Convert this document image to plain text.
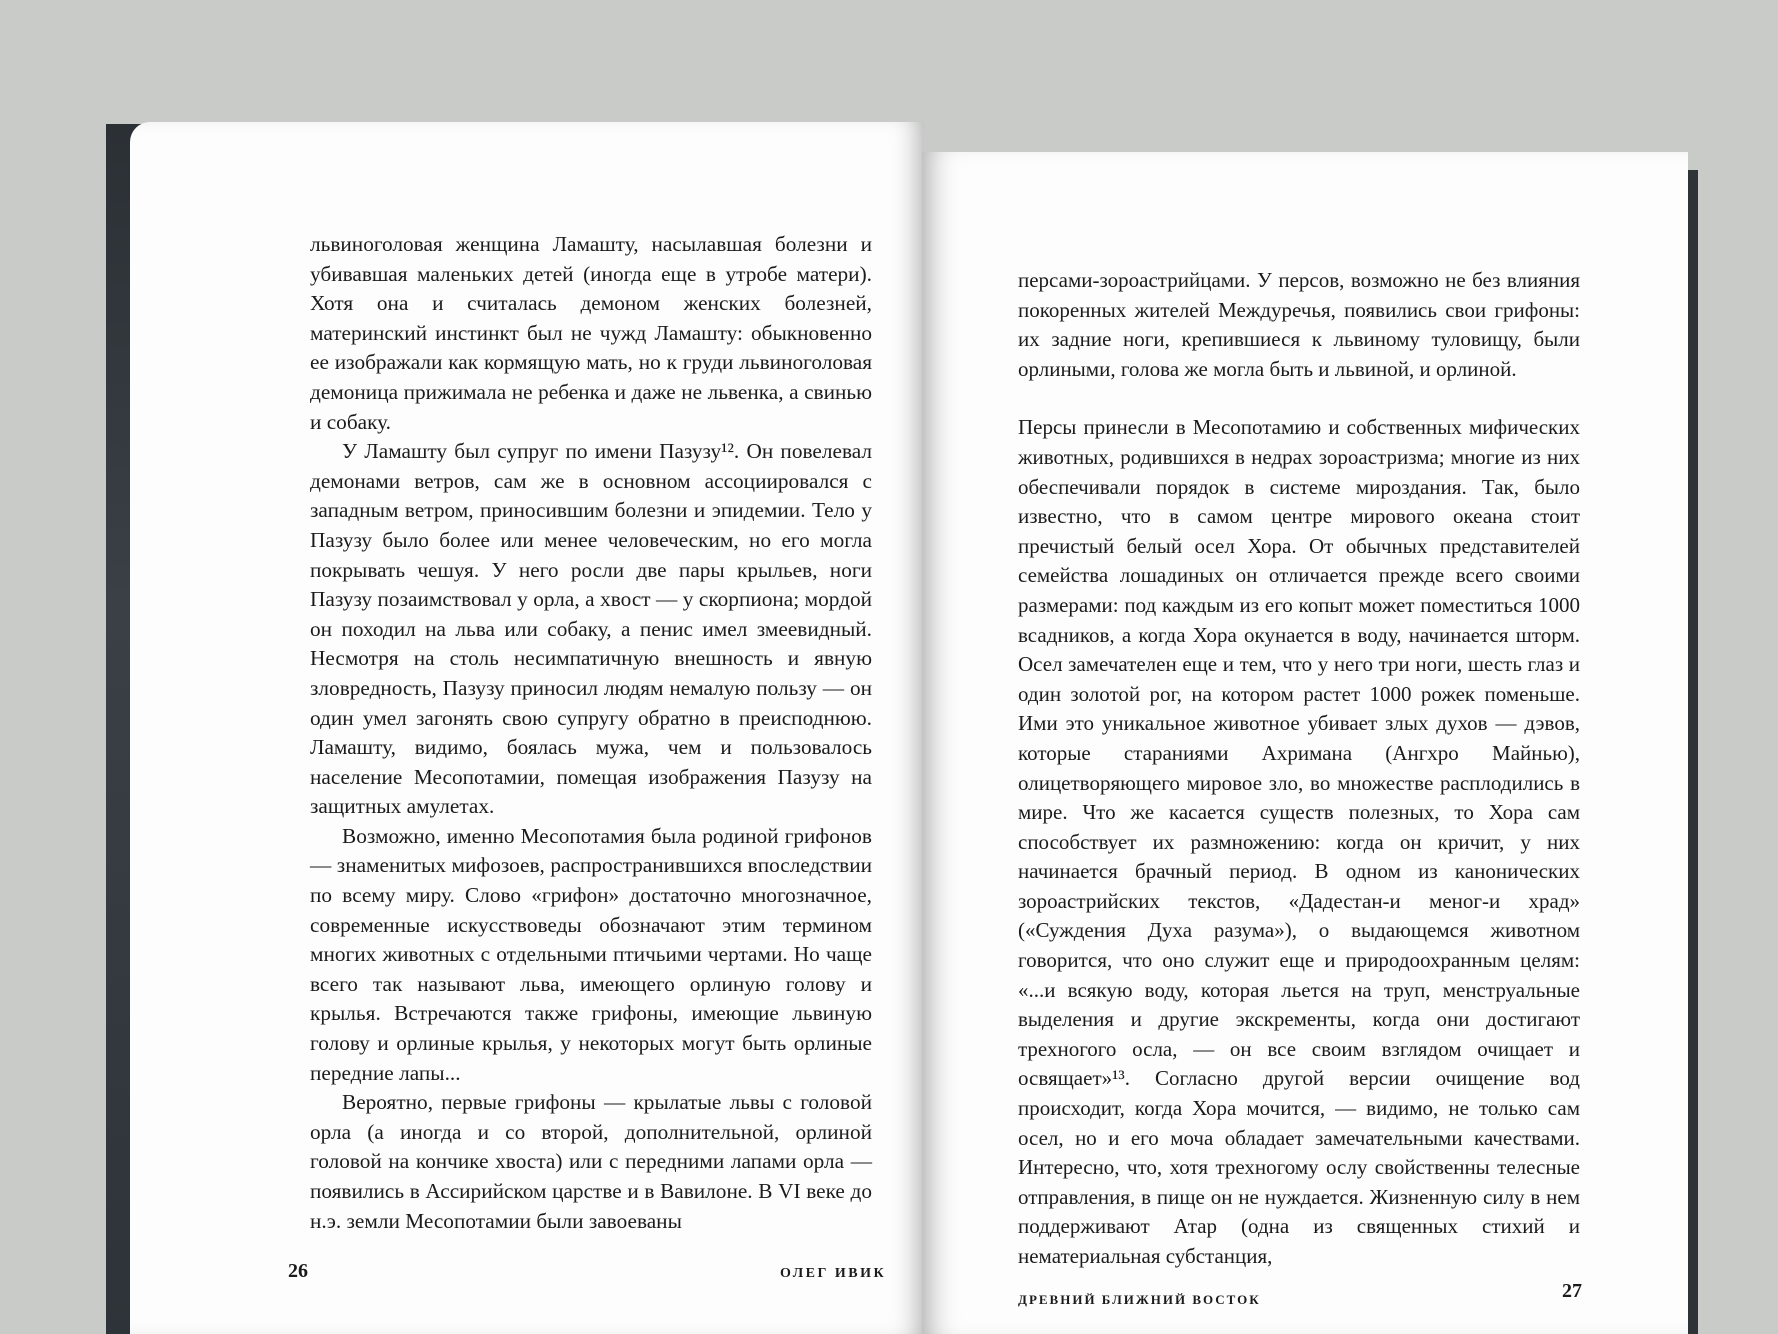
львиноголовая женщина Ламашту, насылавшая болезни и убивавшая маленьких детей (иногда еще в утробе матери). Хотя она и считалась демоном женских болезней, материнский инстинкт был не чужд Ламашту: обыкновенно ее изображали как кормящую мать, но к груди львиноголовая демоница прижимала не ребенка и даже не львенка, а свинью и собаку.

У Ламашту был супруг по имени Пазузу¹². Он повелевал демонами ветров, сам же в основном ассоциировался с западным ветром, приносившим болезни и эпидемии. Тело у Пазузу было более или менее человеческим, но его могла покрывать чешуя. У него росли две пары крыльев, ноги Пазузу позаимствовал у орла, а хвост — у скорпиона; мордой он походил на льва или собаку, а пенис имел змеевидный. Несмотря на столь несимпатичную внешность и явную зловредность, Пазузу приносил людям немалую пользу — он один умел загонять свою супругу обратно в преисподнюю. Ламашту, видимо, боялась мужа, чем и пользовалось население Месопотамии, помещая изображения Пазузу на защитных амулетах.

Возможно, именно Месопотамия была родиной грифонов — знаменитых мифозоев, распространившихся впоследствии по всему миру. Слово «грифон» достаточно многозначное, современные искусствоведы обозначают этим термином многих животных с отдельными птичьими чертами. Но чаще всего так называют льва, имеющего орлиную голову и крылья. Встречаются также грифоны, имеющие львиную голову и орлиные крылья, у некоторых могут быть орлиные передние лапы...

Вероятно, первые грифоны — крылатые львы с головой орла (а иногда и со второй, дополнительной, орлиной головой на кончике хвоста) или с передними лапами орла — появились в Ассирийском царстве и в Вавилоне. В VI веке до н.э. земли Месопотамии были завоеваны

26	ОЛЕГ ИВИК

персами-зороастрийцами. У персов, возможно не без влияния покоренных жителей Междуречья, появились свои грифоны: их задние ноги, крепившиеся к львиному туловищу, были орлиными, голова же могла быть и львиной, и орлиной.

Персы принесли в Месопотамию и собственных мифических животных, родившихся в недрах зороастризма; многие из них обеспечивали порядок в системе мироздания. Так, было известно, что в самом центре мирового океана стоит пречистый белый осел Хора. От обычных представителей семейства лошадиных он отличается прежде всего своими размерами: под каждым из его копыт может поместиться 1000 всадников, а когда Хора окунается в воду, начинается шторм. Осел замечателен еще и тем, что у него три ноги, шесть глаз и один золотой рог, на котором растет 1000 рожек поменьше. Ими это уникальное животное убивает злых духов — дэвов, которые стараниями Ахримана (Ангхро Майнью), олицетворяющего мировое зло, во множестве расплодились в мире. Что же касается существ полезных, то Хора сам способствует их размножению: когда он кричит, у них начинается брачный период. В одном из канонических зороастрийских текстов, «Дадестан-и меног-и храд» («Суждения Духа разума»), о выдающемся животном говорится, что оно служит еще и природоохранным целям: «...и всякую воду, которая льется на труп, менструальные выделения и другие экскременты, когда они достигают трехногого осла, — он все своим взглядом очищает и освящает»¹³. Согласно другой версии очищение вод происходит, когда Хора мочится, — видимо, не только сам осел, но и его моча обладает замечательными качествами. Интересно, что, хотя трехногому ослу свойственны телесные отправления, в пище он не нуждается. Жизненную силу в нем поддерживают Атар (одна из священных стихий и нематериальная субстанция,

ДРЕВНИЙ БЛИЖНИЙ ВОСТОК	27
